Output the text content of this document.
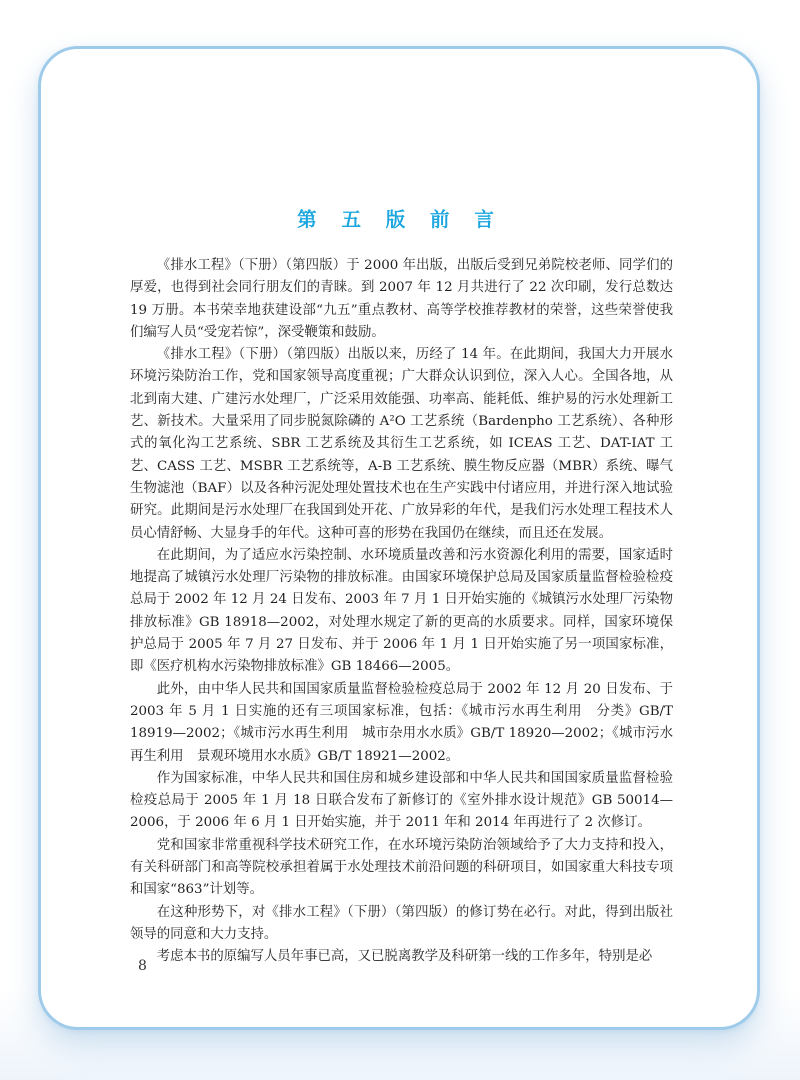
第 五 版 前 言

《排水工程》（下册）（第四版）于 2000 年出版，出版后受到兄弟院校老师、同学们的厚爱，也得到社会同行朋友们的青睐。到 2007 年 12 月共进行了 22 次印刷，发行总数达 19 万册。本书荣幸地获建设部“九五”重点教材、高等学校推荐教材的荣誉，这些荣誉使我们编写人员“受宠若惊”，深受鞭策和鼓励。

《排水工程》（下册）（第四版）出版以来，历经了 14 年。在此期间，我国大力开展水环境污染防治工作，党和国家领导高度重视；广大群众认识到位，深入人心。全国各地，从北到南大建、广建污水处理厂，广泛采用效能强、功率高、能耗低、维护易的污水处理新工艺、新技术。大量采用了同步脱氮除磷的 A²O 工艺系统（Bardenpho 工艺系统）、各种形式的氧化沟工艺系统、SBR 工艺系统及其衍生工艺系统，如 ICEAS 工艺、DAT-IAT 工艺、CASS 工艺、MSBR 工艺系统等，A-B 工艺系统、膜生物反应器（MBR）系统、曝气生物滤池（BAF）以及各种污泥处理处置技术也在生产实践中付诸应用，并进行深入地试验研究。此期间是污水处理厂在我国到处开花、广放异彩的年代，是我们污水处理工程技术人员心情舒畅、大显身手的年代。这种可喜的形势在我国仍在继续，而且还在发展。

在此期间，为了适应水污染控制、水环境质量改善和污水资源化利用的需要，国家适时地提高了城镇污水处理厂污染物的排放标准。由国家环境保护总局及国家质量监督检验检疫总局于 2002 年 12 月 24 日发布、2003 年 7 月 1 日开始实施的《城镇污水处理厂污染物排放标准》GB 18918—2002，对处理水规定了新的更高的水质要求。同样，国家环境保护总局于 2005 年 7 月 27 日发布、并于 2006 年 1 月 1 日开始实施了另一项国家标准，即《医疗机构水污染物排放标准》GB 18466—2005。

此外，由中华人民共和国国家质量监督检验检疫总局于 2002 年 12 月 20 日发布、于 2003 年 5 月 1 日实施的还有三项国家标准，包括：《城市污水再生利用　分类》GB/T 18919—2002；《城市污水再生利用　城市杂用水水质》GB/T 18920—2002；《城市污水再生利用　景观环境用水水质》GB/T 18921—2002。

作为国家标准，中华人民共和国住房和城乡建设部和中华人民共和国国家质量监督检验检疫总局于 2005 年 1 月 18 日联合发布了新修订的《室外排水设计规范》GB 50014—2006，于 2006 年 6 月 1 日开始实施，并于 2011 年和 2014 年再进行了 2 次修订。

党和国家非常重视科学技术研究工作，在水环境污染防治领域给予了大力支持和投入，有关科研部门和高等院校承担着属于水处理技术前沿问题的科研项目，如国家重大科技专项和国家“863”计划等。

在这种形势下，对《排水工程》（下册）（第四版）的修订势在必行。对此，得到出版社领导的同意和大力支持。

考虑本书的原编写人员年事已高，又已脱离教学及科研第一线的工作多年，特别是必

8
